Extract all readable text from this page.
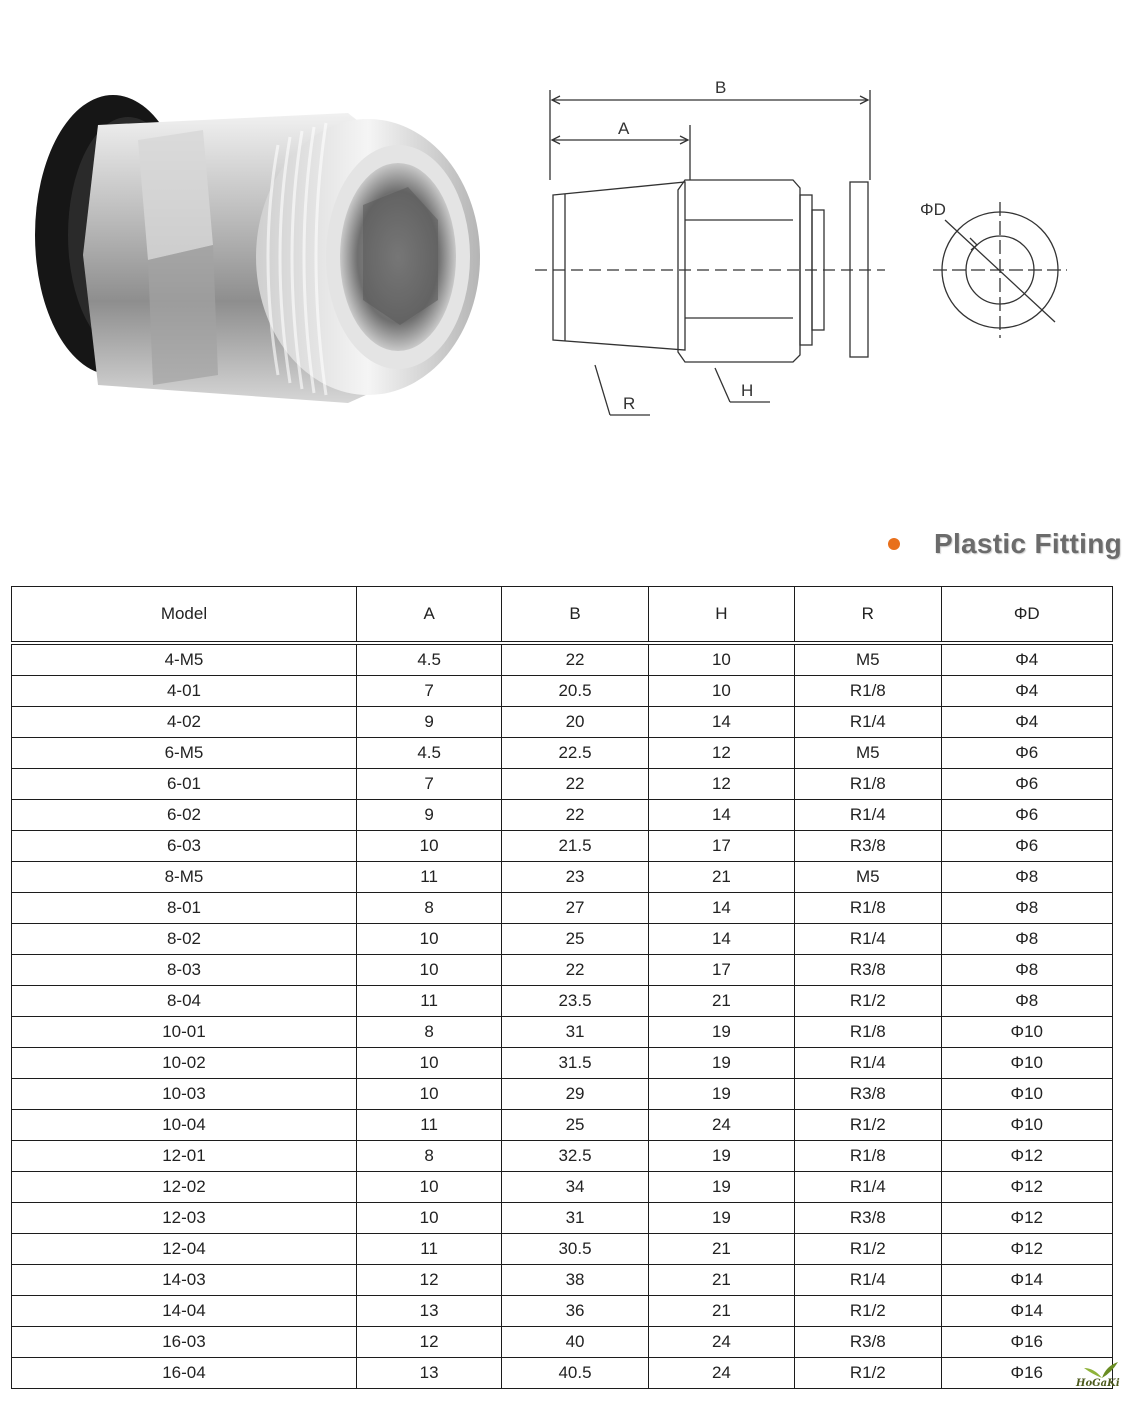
B
A
R
H
ΦD
Plastic Fitting
Model	A	B	H	R	ΦD
4-M5	4.5	22	10	M5	Φ4
4-01	7	20.5	10	R1/8	Φ4
4-02	9	20	14	R1/4	Φ4
6-M5	4.5	22.5	12	M5	Φ6
6-01	7	22	12	R1/8	Φ6
6-02	9	22	14	R1/4	Φ6
6-03	10	21.5	17	R3/8	Φ6
8-M5	11	23	21	M5	Φ8
8-01	8	27	14	R1/8	Φ8
8-02	10	25	14	R1/4	Φ8
8-03	10	22	17	R3/8	Φ8
8-04	11	23.5	21	R1/2	Φ8
10-01	8	31	19	R1/8	Φ10
10-02	10	31.5	19	R1/4	Φ10
10-03	10	29	19	R3/8	Φ10
10-04	11	25	24	R1/2	Φ10
12-01	8	32.5	19	R1/8	Φ12
12-02	10	34	19	R1/4	Φ12
12-03	10	31	19	R3/8	Φ12
12-04	11	30.5	21	R1/2	Φ12
14-03	12	38	21	R1/4	Φ14
14-04	13	36	21	R1/2	Φ14
16-03	12	40	24	R3/8	Φ16
16-04	13	40.5	24	R1/2	Φ16
HoGaKi
